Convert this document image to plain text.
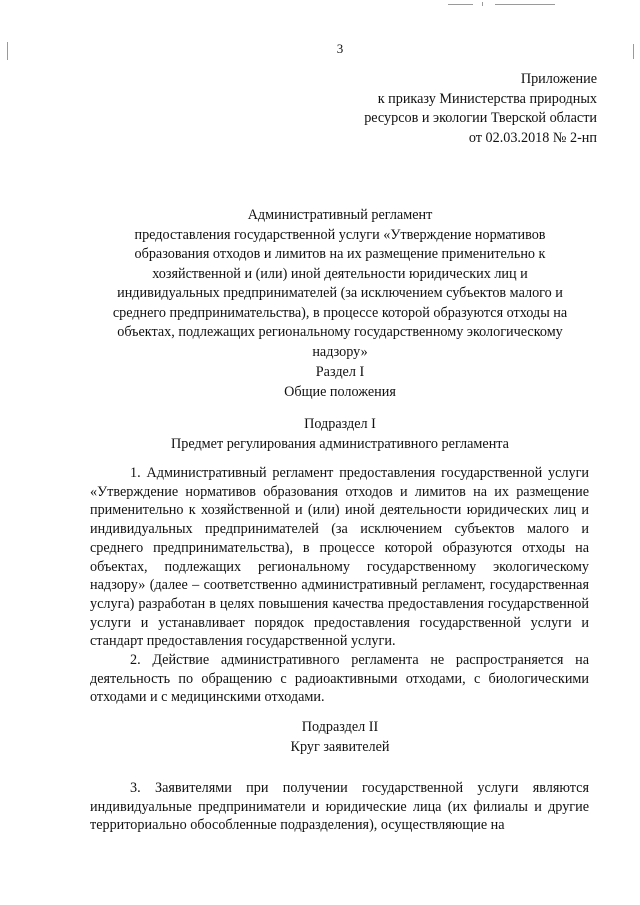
3
Приложение
к приказу Министерства природных
ресурсов и экологии Тверской области
от 02.03.2018 № 2-нп
Административный регламент
предоставления государственной услуги «Утверждение нормативов
образования отходов и лимитов на их размещение применительно к
хозяйственной и (или) иной деятельности юридических лиц и
индивидуальных предпринимателей (за исключением субъектов малого и
среднего предпринимательства), в процессе которой образуются отходы на
объектах, подлежащих региональному государственному экологическому
надзору»
Раздел I
Общие положения
Подраздел I
Предмет регулирования административного регламента

1. Административный регламент предоставления государственной услуги «Утверждение нормативов образования отходов и лимитов на их размещение применительно к хозяйственной и (или) иной деятельности юридических лиц и индивидуальных предпринимателей (за исключением субъектов малого и среднего предпринимательства), в процессе которой образуются отходы на объектах, подлежащих региональному государственному экологическому надзору» (далее – соответственно административный регламент, государственная услуга) разработан в целях повышения качества предоставления государственной услуги и устанавливает порядок предоставления государственной услуги и стандарт предоставления государственной услуги.

2. Действие административного регламента не распространяется на деятельность по обращению с радиоактивными отходами, с биологическими отходами и с медицинскими отходами.

Подраздел II
Круг заявителей

3. Заявителями при получении государственной услуги являются индивидуальные предприниматели и юридические лица (их филиалы и другие территориально обособленные подразделения), осуществляющие на
